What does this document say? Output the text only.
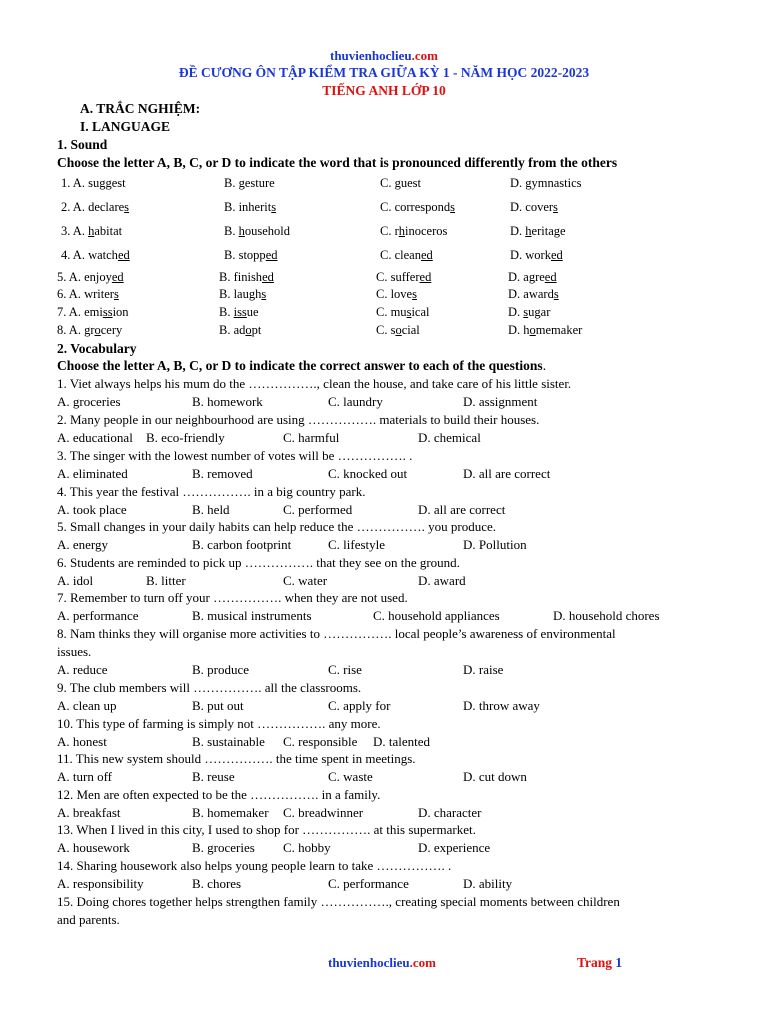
thuvienhoclieu.com
ĐỀ CƯƠNG ÔN TẬP KIỂM TRA GIỮA KỲ 1 - NĂM HỌC 2022-2023
TIẾNG ANH LỚP 10
A. TRẮC NGHIỆM:
I. LANGUAGE
1. Sound
Choose the letter A, B, C, or D to indicate the word that is pronounced differently from the others
1. A. suggest	B. gesture	C. guest	D. gymnastics
2. A. declares	B. inherits	C. corresponds	D. covers
3. A. habitat	B. household	C. rhinoceros	D. heritage
4. A. watched	B. stopped	C. cleaned	D. worked
5. A. enjoyed	B. finished	C. suffered	D. agreed
6. A. writers	B. laughs	C. loves	D. awards
7. A. emission	B. issue	C. musical	D. sugar
8. A. grocery	B. adopt	C. social	D. homemaker
2. Vocabulary
Choose the letter A, B, C, or D to indicate the correct answer to each of the questions.
1. Viet always helps his mum do the ……………., clean the house, and take care of his little sister.
A. groceries	B. homework	C. laundry	D. assignment
2. Many people in our neighbourhood are using ……………. materials to build their houses.
A. educational B. eco-friendly	C. harmful	D. chemical
3. The singer with the lowest number of votes will be ……………. .
A. eliminated	B. removed	C. knocked out	D. all are correct
4. This year the festival ……………. in a big country park.
A. took place	B. held	C. performed	D. all are correct
5. Small changes in your daily habits can help reduce the ……………. you produce.
A. energy	B. carbon footprint	C. lifestyle	D. Pollution
6. Students are reminded to pick up ……………. that they see on the ground.
A. idol	B. litter	C. water	D. award
7. Remember to turn off your ……………. when they are not used.
A. performance	B. musical instruments	C. household appliances	D. household chores
8. Nam thinks they will organise more activities to ……………. local people’s awareness of environmental
issues.
A. reduce	B. produce	C. rise	D. raise
9. The club members will ……………. all the classrooms.
A. clean up	B. put out	C. apply for	D. throw away
10. This type of farming is simply not ……………. any more.
A. honest	B. sustainable C. responsible D. talented
11. This new system should ……………. the time spent in meetings.
A. turn off	B. reuse	C. waste	D. cut down
12. Men are often expected to be the ……………. in a family.
A. breakfast	B. homemaker C. breadwinner	D. character
13. When I lived in this city, I used to shop for ……………. at this supermarket.
A. housework	B. groceries C. hobby	D. experience
14. Sharing housework also helps young people learn to take ……………. .
A. responsibility	B. chores	C. performance	D. ability
15. Doing chores together helps strengthen family ……………., creating special moments between children
and parents.
thuvienhoclieu.com	Trang 1
